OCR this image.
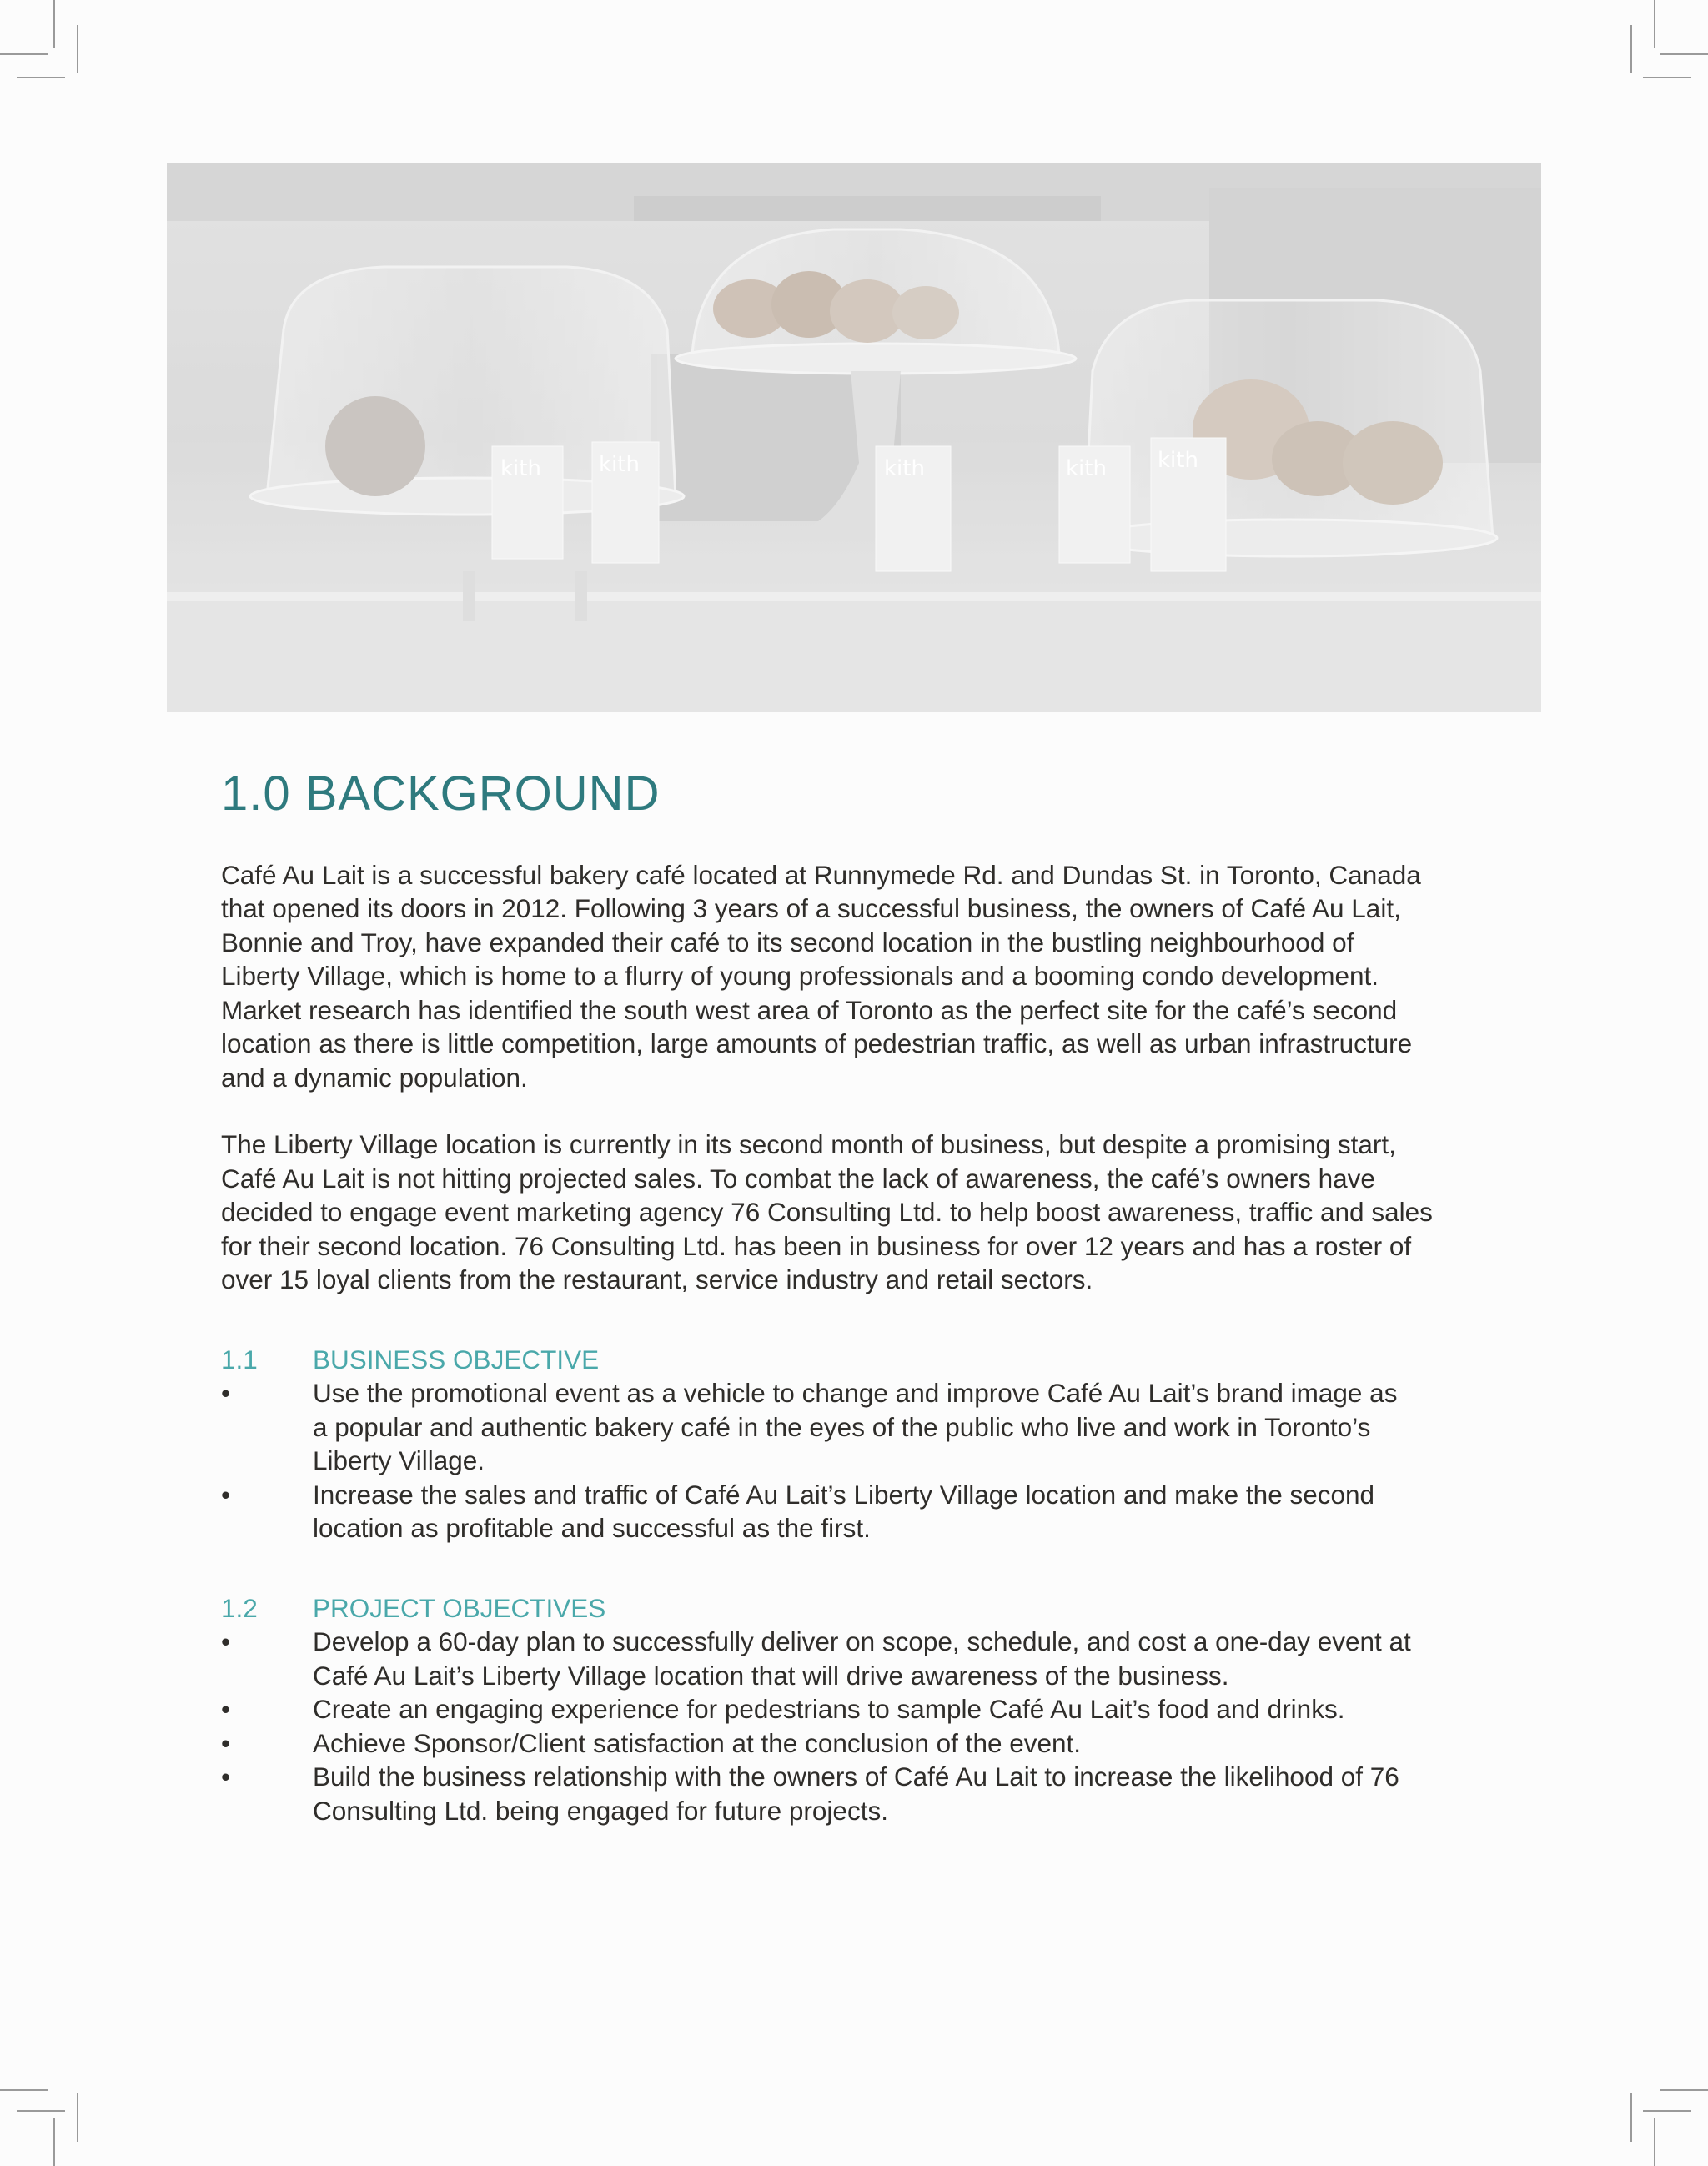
kith	kith	kith	kith kith
1.0 BACKGROUND

Café Au Lait is a successful bakery café located at Runnymede Rd. and Dundas St. in Toronto, Canada
that opened its doors in 2012. Following 3 years of a successful business, the owners of Café Au Lait,
Bonnie and Troy, have expanded their café to its second location in the bustling neighbourhood of
Liberty Village, which is home to a flurry of young professionals and a booming condo development.
Market research has identified the south west area of Toronto as the perfect site for the café’s second
location as there is little competition, large amounts of pedestrian traffic, as well as urban infrastructure
and a dynamic population.

The Liberty Village location is currently in its second month of business, but despite a promising start,
Café Au Lait is not hitting projected sales. To combat the lack of awareness, the café’s owners have
decided to engage event marketing agency 76 Consulting Ltd. to help boost awareness, traffic and sales
for their second location. 76 Consulting Ltd. has been in business for over 12 years and has a roster of
over 15 loyal clients from the restaurant, service industry and retail sectors.

1.1	BUSINESS OBJECTIVE
•	Use the promotional event as a vehicle to change and improve Café Au Lait’s brand image as
a popular and authentic bakery café in the eyes of the public who live and work in Toronto’s
Liberty Village.
•	Increase the sales and traffic of Café Au Lait’s Liberty Village location and make the second
location as profitable and successful as the first.
1.2	PROJECT OBJECTIVES
•	Develop a 60-day plan to successfully deliver on scope, schedule, and cost a one-day event at
Café Au Lait’s Liberty Village location that will drive awareness of the business.
•	Create an engaging experience for pedestrians to sample Café Au Lait’s food and drinks.
•	Achieve Sponsor/Client satisfaction at the conclusion of the event.
•	Build the business relationship with the owners of Café Au Lait to increase the likelihood of 76
Consulting Ltd. being engaged for future projects.
